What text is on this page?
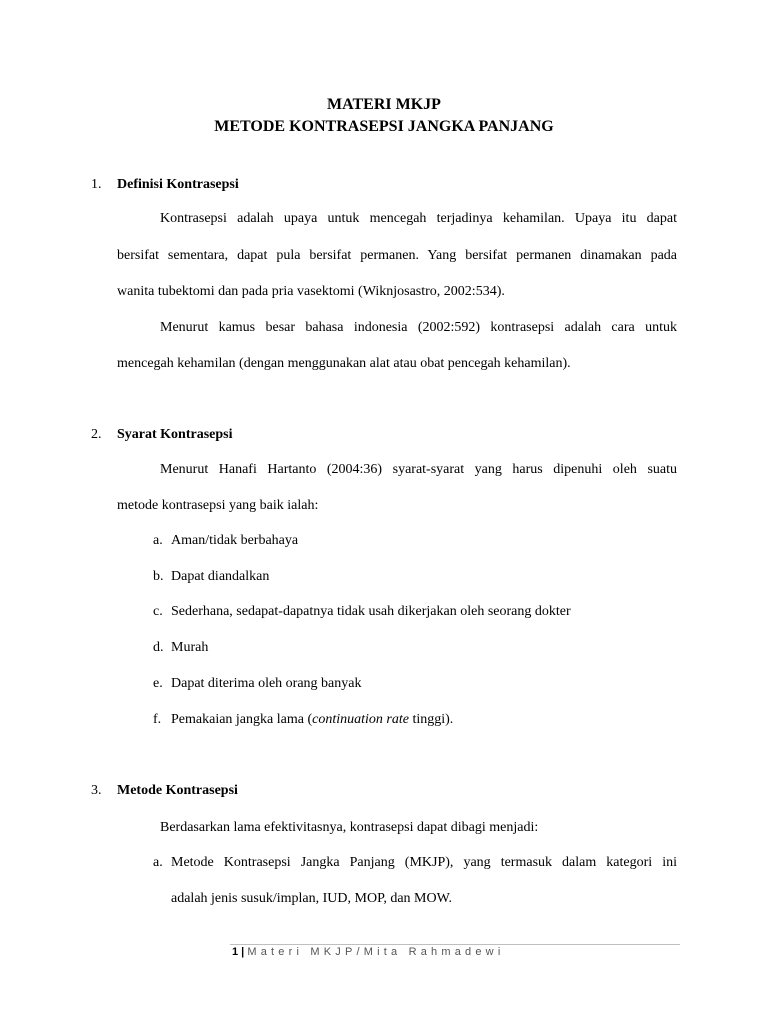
MATERI MKJP
METODE KONTRASEPSI JANGKA PANJANG
1. Definisi Kontrasepsi
Kontrasepsi adalah upaya untuk mencegah terjadinya kehamilan. Upaya itu dapat
bersifat sementara, dapat pula bersifat permanen. Yang bersifat permanen dinamakan pada
wanita tubektomi dan pada pria vasektomi (Wiknjosastro, 2002:534).
Menurut kamus besar bahasa indonesia (2002:592) kontrasepsi adalah cara untuk
mencegah kehamilan (dengan menggunakan alat atau obat pencegah kehamilan).
2. Syarat Kontrasepsi
Menurut Hanafi Hartanto (2004:36) syarat-syarat yang harus dipenuhi oleh suatu
metode kontrasepsi yang baik ialah:
a. Aman/tidak berbahaya
b. Dapat diandalkan
c. Sederhana, sedapat-dapatnya tidak usah dikerjakan oleh seorang dokter
d. Murah
e. Dapat diterima oleh orang banyak
f. Pemakaian jangka lama (continuation rate tinggi).
3. Metode Kontrasepsi
Berdasarkan lama efektivitasnya, kontrasepsi dapat dibagi menjadi:
a. Metode Kontrasepsi Jangka Panjang (MKJP), yang termasuk dalam kategori ini
adalah jenis susuk/implan, IUD, MOP, dan MOW.
1 | Materi MKJP/Mita Rahmadewi
